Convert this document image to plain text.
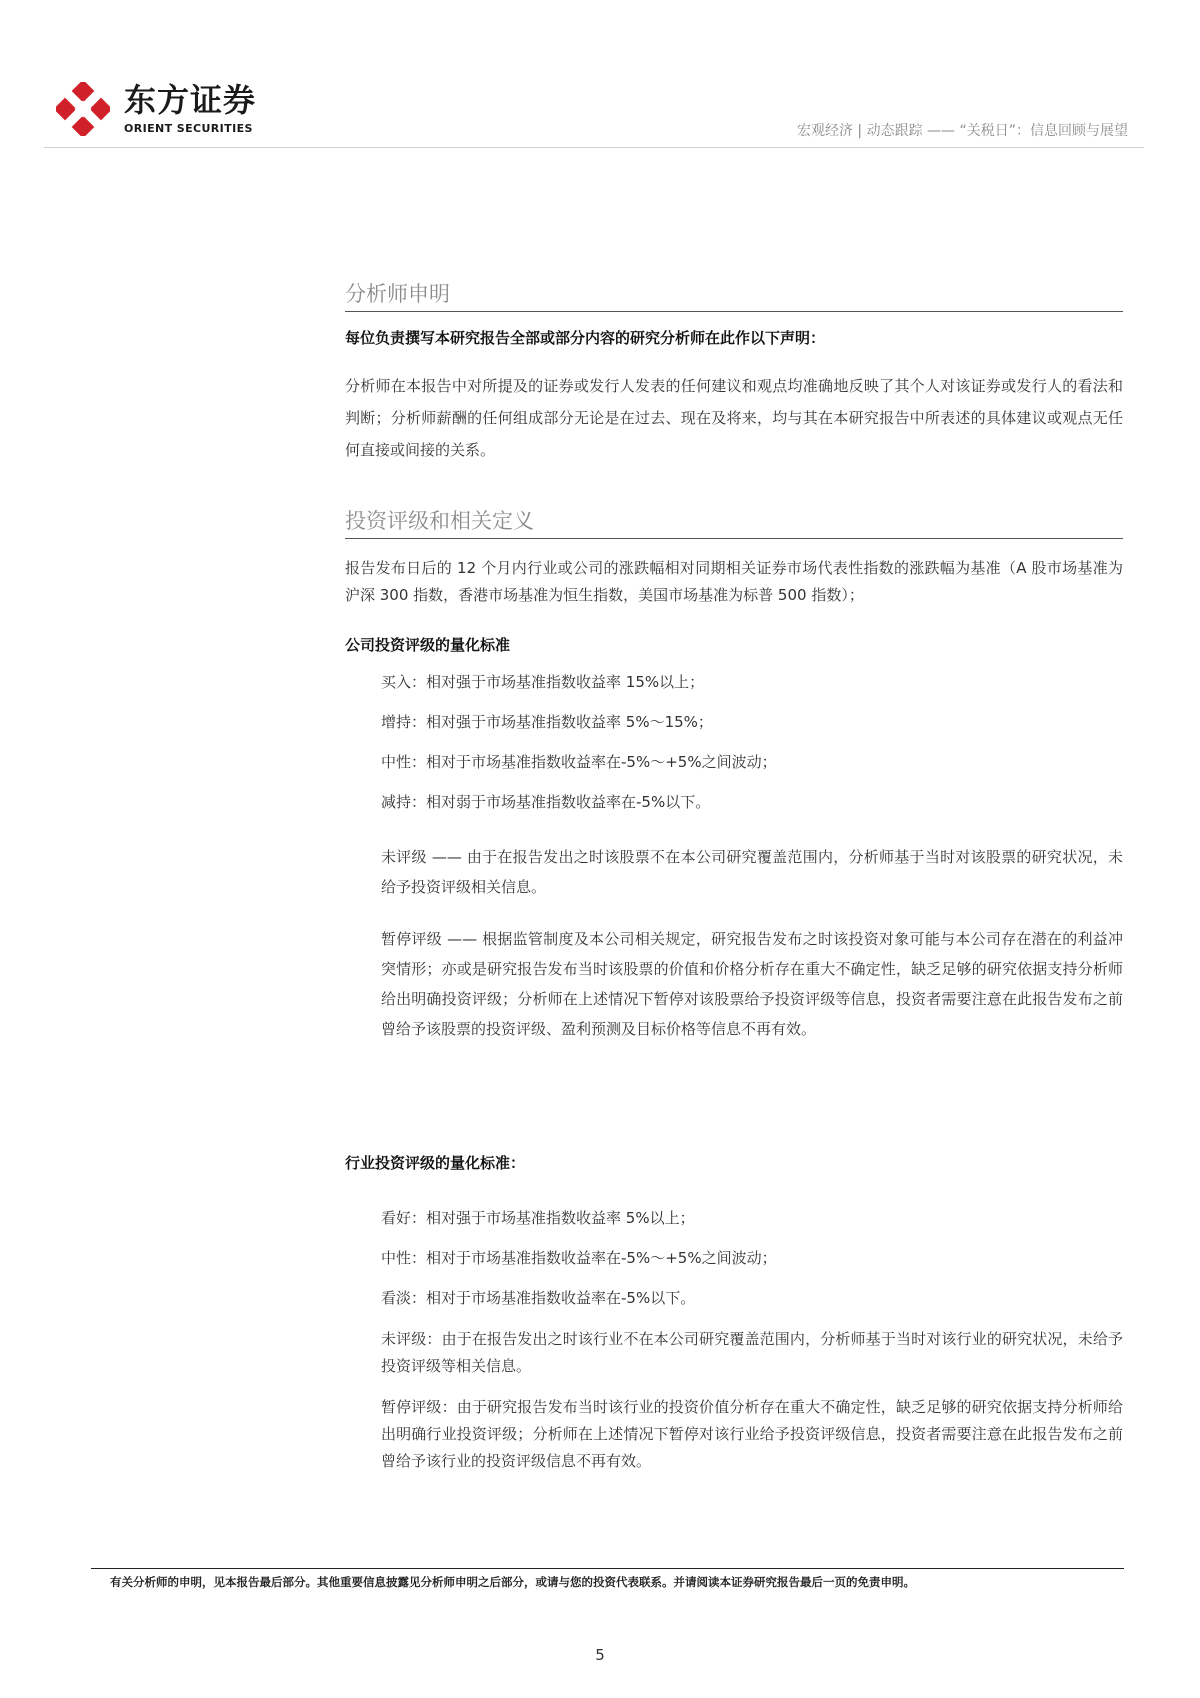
东方证券
ORIENT SECURITIES	宏观经济 | 动态跟踪 —— “关税日”：信息回顾与展望
分析师申明
每位负责撰写本研究报告全部或部分内容的研究分析师在此作以下声明：
分析师在本报告中对所提及的证券或发行人发表的任何建议和观点均准确地反映了其个人对该证券或发行人的看法和判断；分析师薪酬的任何组成部分无论是在过去、现在及将来，均与其在本研究报告中所表述的具体建议或观点无任何直接或间接的关系。
投资评级和相关定义
报告发布日后的 12 个月内行业或公司的涨跌幅相对同期相关证券市场代表性指数的涨跌幅为基准（A 股市场基准为沪深 300 指数，香港市场基准为恒生指数，美国市场基准为标普 500 指数）；
公司投资评级的量化标准
买入：相对强于市场基准指数收益率 15%以上；
增持：相对强于市场基准指数收益率 5%～15%；
中性：相对于市场基准指数收益率在-5%～+5%之间波动；
减持：相对弱于市场基准指数收益率在-5%以下。
未评级 —— 由于在报告发出之时该股票不在本公司研究覆盖范围内，分析师基于当时对该股票的研究状况，未给予投资评级相关信息。
暂停评级 —— 根据监管制度及本公司相关规定，研究报告发布之时该投资对象可能与本公司存在潜在的利益冲突情形；亦或是研究报告发布当时该股票的价值和价格分析存在重大不确定性，缺乏足够的研究依据支持分析师给出明确投资评级；分析师在上述情况下暂停对该股票给予投资评级等信息，投资者需要注意在此报告发布之前曾给予该股票的投资评级、盈利预测及目标价格等信息不再有效。
行业投资评级的量化标准：
看好：相对强于市场基准指数收益率 5%以上；
中性：相对于市场基准指数收益率在-5%～+5%之间波动；
看淡：相对于市场基准指数收益率在-5%以下。
未评级：由于在报告发出之时该行业不在本公司研究覆盖范围内，分析师基于当时对该行业的研究状况，未给予投资评级等相关信息。
暂停评级：由于研究报告发布当时该行业的投资价值分析存在重大不确定性，缺乏足够的研究依据支持分析师给出明确行业投资评级；分析师在上述情况下暂停对该行业给予投资评级信息，投资者需要注意在此报告发布之前曾给予该行业的投资评级信息不再有效。
有关分析师的申明，见本报告最后部分。其他重要信息披露见分析师申明之后部分，或请与您的投资代表联系。并请阅读本证券研究报告最后一页的免责申明。
5
